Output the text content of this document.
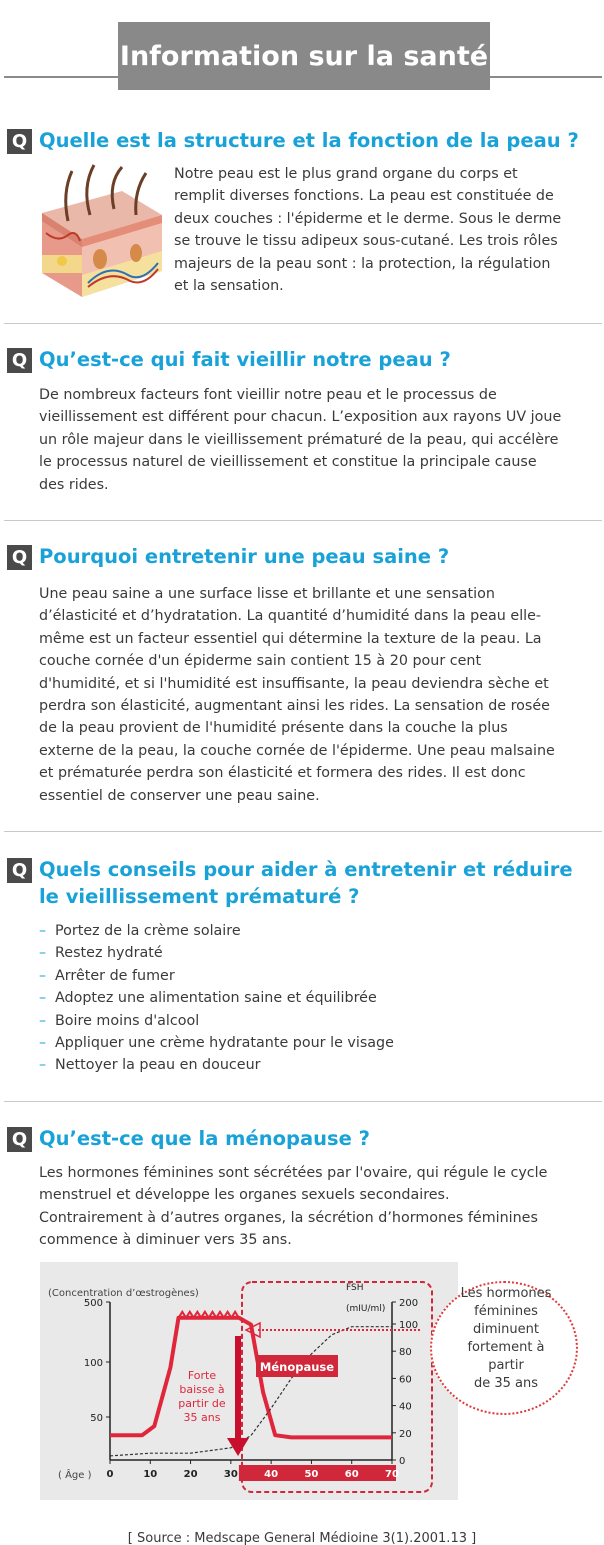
Information sur la santé
Q Quelle est la structure et la fonction de la peau ?
Notre peau est le plus grand organe du corps et
remplit diverses fonctions. La peau est constituée de
deux couches : l'épiderme et le derme. Sous le derme
se trouve le tissu adipeux sous-cutané. Les trois rôles
majeurs de la peau sont : la protection, la régulation
et la sensation.
Q Qu’est-ce qui fait vieillir notre peau ?
De nombreux facteurs font vieillir notre peau et le processus de
vieillissement est différent pour chacun. L’exposition aux rayons UV joue
un rôle majeur dans le vieillissement prématuré de la peau, qui accélère
le processus naturel de vieillissement et constitue la principale cause
des rides.
Q Pourquoi entretenir une peau saine ?
Une peau saine a une surface lisse et brillante et une sensation
d’élasticité et d’hydratation. La quantité d’humidité dans la peau elle-
même est un facteur essentiel qui détermine la texture de la peau. La
couche cornée d'un épiderme sain contient 15 à 20 pour cent
d'humidité, et si l'humidité est insuffisante, la peau deviendra sèche et
perdra son élasticité, augmentant ainsi les rides. La sensation de rosée
de la peau provient de l'humidité présente dans la couche la plus
externe de la peau, la couche cornée de l'épiderme. Une peau malsaine
et prématurée perdra son élasticité et formera des rides. Il est donc
essentiel de conserver une peau saine.
Q Quels conseils pour aider à entretenir et réduire
le vieillissement prématuré ?
– Portez de la crème solaire
– Restez hydraté
– Arrêter de fumer
– Adoptez une alimentation saine et équilibrée
– Boire moins d'alcool
– Appliquer une crème hydratante pour le visage
– Nettoyer la peau en douceur
Q Qu’est-ce que la ménopause ?
Les hormones féminines sont sécrétées par l'ovaire, qui régule le cycle
menstruel et développe les organes sexuels secondaires.
Contrairement à d’autres organes, la sécrétion d’hormones féminines
commence à diminuer vers 35 ans.
(Concentration d’œstrogènes)	FSH
(mIU/ml)
( Âge )
500
100
50
200
100
80
60
40
20
0
0	10	20	30	40	50	60	70
Forte
baisse à
partir de
35 ans
Ménopause
Les hormones
féminines
diminuent
fortement à
partir
de 35 ans
[ Source : Medscape General Médioine 3(1).2001.13 ]
